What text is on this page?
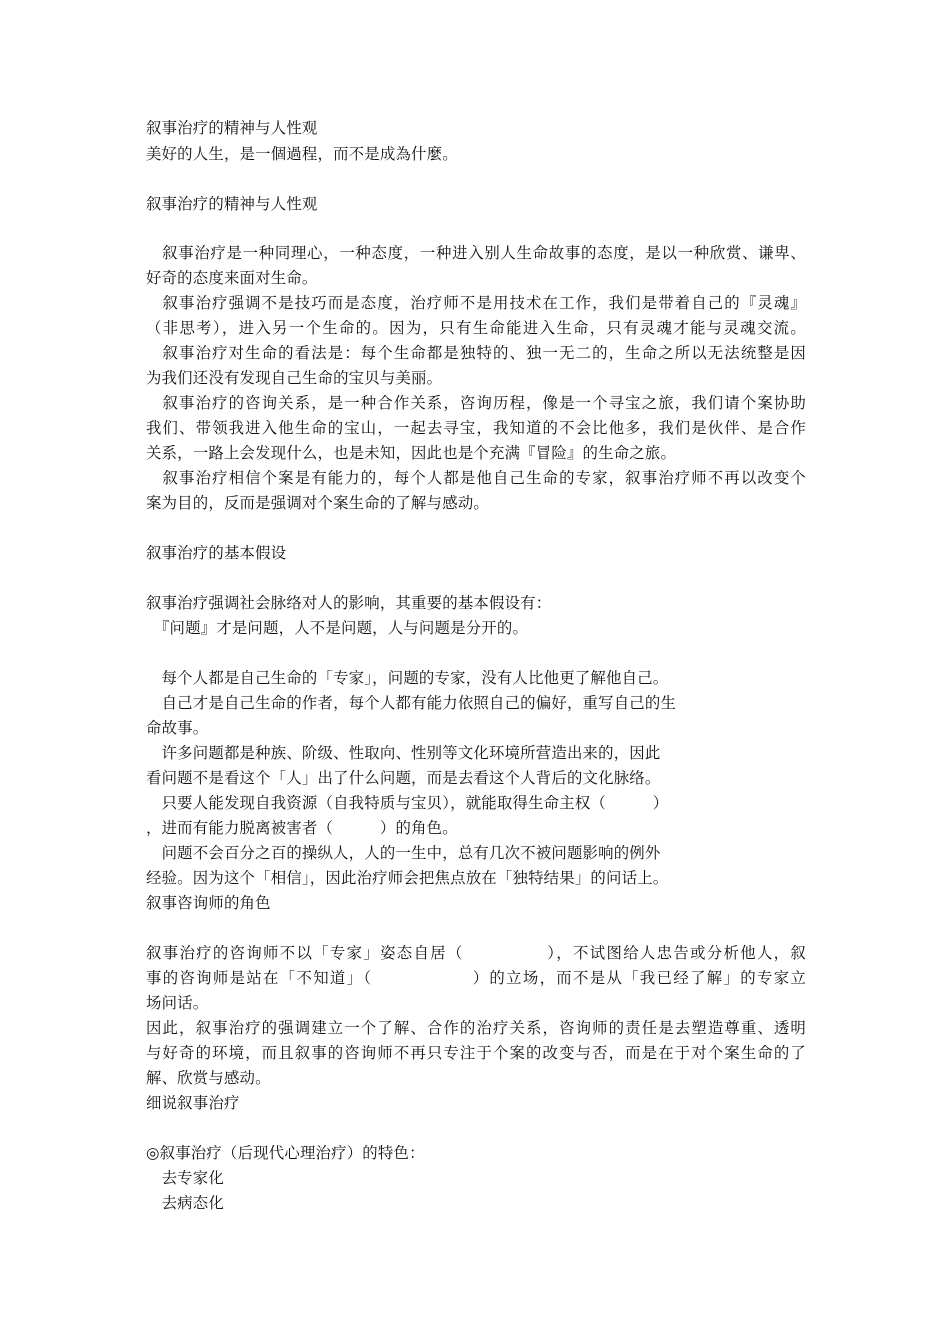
叙事治疗的精神与人性观
美好的人生，是一個過程，而不是成為什麼。
叙事治疗的精神与人性观
　叙事治疗是一种同理心，一种态度，一种进入别人生命故事的态度，是以一种欣赏、谦卑、
好奇的态度来面对生命。
　叙事治疗强调不是技巧而是态度，治疗师不是用技术在工作，我们是带着自己的『灵魂』
（非思考），进入另一个生命的。因为，只有生命能进入生命，只有灵魂才能与灵魂交流。
　叙事治疗对生命的看法是：每个生命都是独特的、独一无二的，生命之所以无法统整是因
为我们还没有发现自己生命的宝贝与美丽。
　叙事治疗的咨询关系，是一种合作关系，咨询历程，像是一个寻宝之旅，我们请个案协助
我们、带领我进入他生命的宝山，一起去寻宝，我知道的不会比他多，我们是伙伴、是合作
关系，一路上会发现什么，也是未知，因此也是个充满『冒险』的生命之旅。
　叙事治疗相信个案是有能力的，每个人都是他自己生命的专家，叙事治疗师不再以改变个
案为目的，反而是强调对个案生命的了解与感动。
叙事治疗的基本假设
叙事治疗强调社会脉络对人的影响，其重要的基本假设有：
　『问题』才是问题，人不是问题，人与问题是分开的。
　每个人都是自己生命的「专家」，问题的专家，没有人比他更了解他自己。
　自己才是自己生命的作者，每个人都有能力依照自己的偏好，重写自己的生
命故事。
　许多问题都是种族、阶级、性取向、性别等文化环境所营造出来的，因此
看问题不是看这个「人」出了什么问题，而是去看这个人背后的文化脉络。
　只要人能发现自我资源（自我特质与宝贝），就能取得生命主权（　　　）
，进而有能力脱离被害者（　　　）的角色。
　问题不会百分之百的操纵人，人的一生中，总有几次不被问题影响的例外
经验。因为这个「相信」，因此治疗师会把焦点放在「独特结果」的问话上。
叙事咨询师的角色
叙事治疗的咨询师不以「专家」姿态自居（　　　　　），不试图给人忠告或分析他人，叙
事的咨询师是站在「不知道」（　　　　　　）的立场，而不是从「我已经了解」的专家立
场问话。
因此，叙事治疗的强调建立一个了解、合作的治疗关系，咨询师的责任是去塑造尊重、透明
与好奇的环境，而且叙事的咨询师不再只专注于个案的改变与否，而是在于对个案生命的了
解、欣赏与感动。
细说叙事治疗
◎叙事治疗（后现代心理治疗）的特色：
　去专家化
　去病态化
